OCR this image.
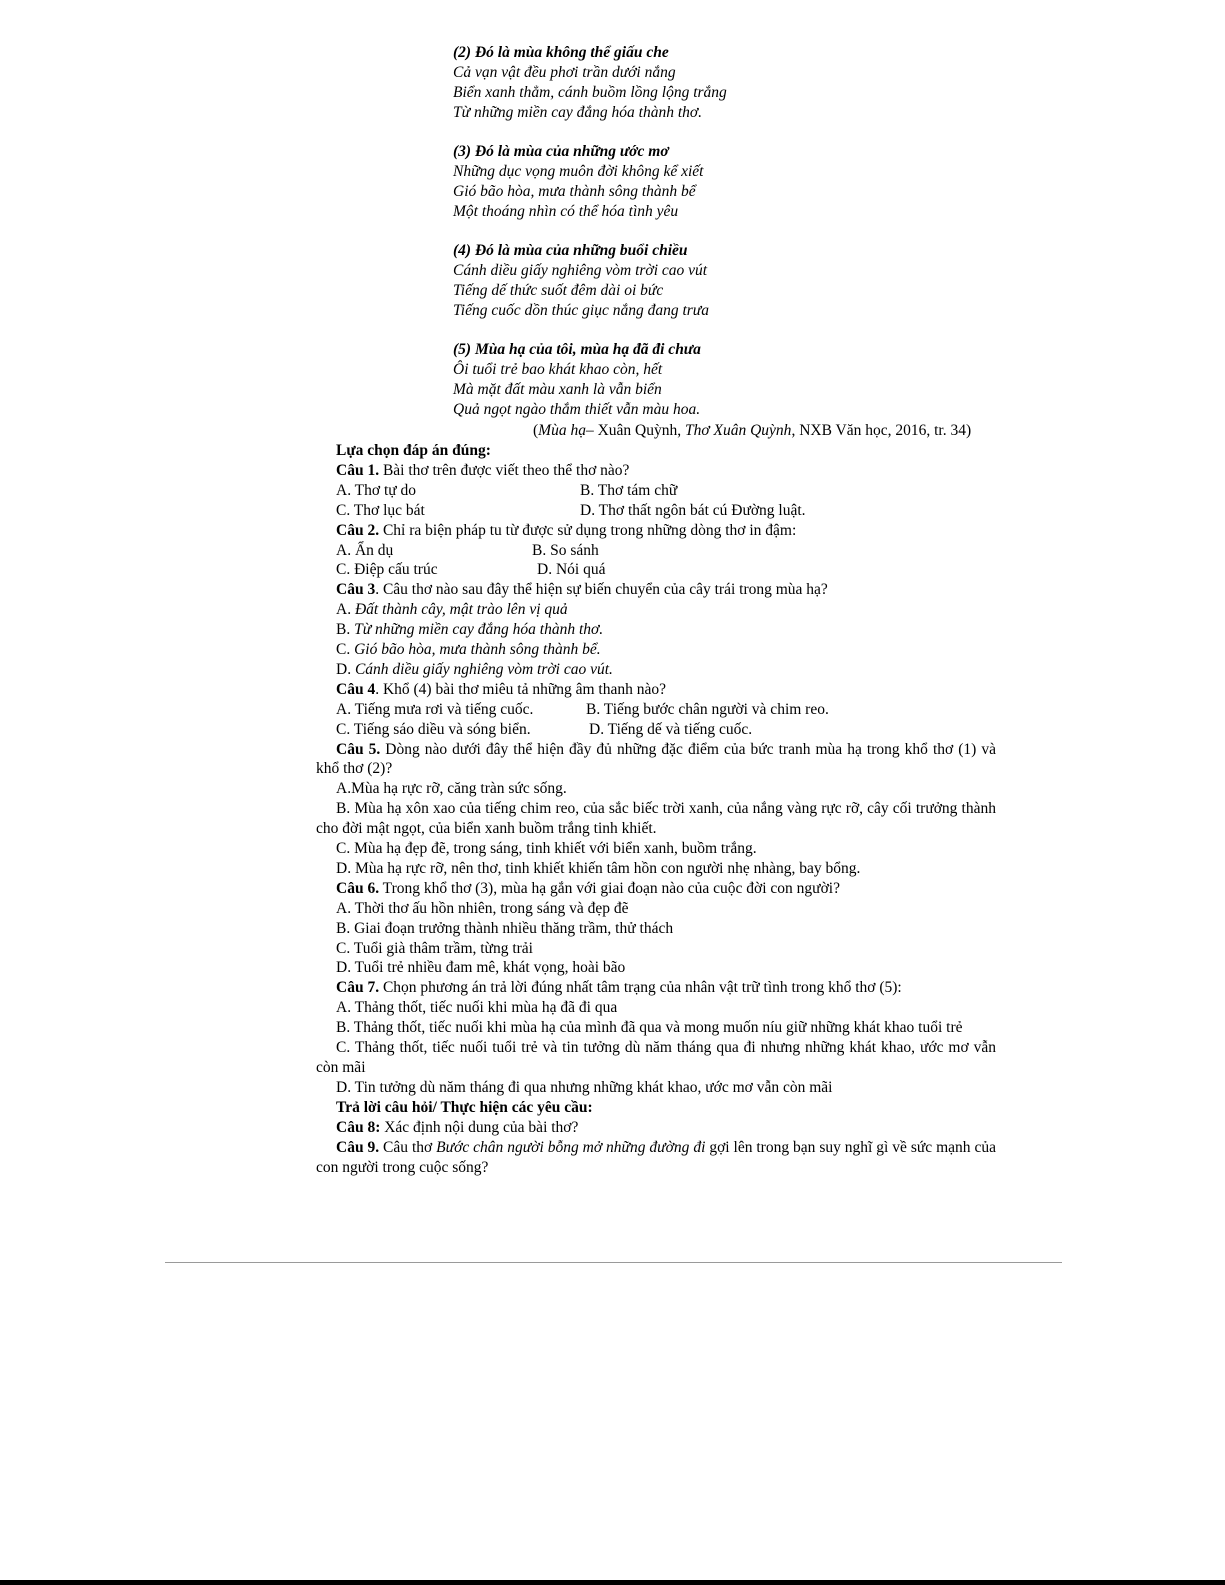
(2) Đó là mùa không thể giấu che
Cả vạn vật đều phơi trần dưới nắng
Biển xanh thẳm, cánh buồm lồng lộng trắng
Từ những miền cay đắng hóa thành thơ.
(3) Đó là mùa của những ước mơ
Những dục vọng muôn đời không kể xiết
Gió bão hòa, mưa thành sông thành bể
Một thoáng nhìn có thể hóa tình yêu
(4) Đó là mùa của những buổi chiều
Cánh diều giấy nghiêng vòm trời cao vút
Tiếng dế thức suốt đêm dài oi bức
Tiếng cuốc dồn thúc giục nắng đang trưa
(5) Mùa hạ của tôi, mùa hạ đã đi chưa
Ôi tuổi trẻ bao khát khao còn, hết
Mà mặt đất màu xanh là vẫn biển
Quả ngọt ngào thắm thiết vẫn màu hoa.
(Mùa hạ– Xuân Quỳnh, Thơ Xuân Quỳnh, NXB Văn học, 2016, tr. 34)
Lựa chọn đáp án đúng:
Câu 1. Bài thơ trên được viết theo thể thơ nào?
A. Thơ tự do	B. Thơ tám chữ
C. Thơ lục bát	D. Thơ thất ngôn bát cú Đường luật.
Câu 2. Chỉ ra biện pháp tu từ được sử dụng trong những dòng thơ in đậm:
A. Ẩn dụ	B. So sánh
C. Điệp cấu trúc	D. Nói quá
Câu 3. Câu thơ nào sau đây thể hiện sự biến chuyển của cây trái trong mùa hạ?
A. Đất thành cây, mật trào lên vị quả
B. Từ những miền cay đắng hóa thành thơ.
C. Gió bão hòa, mưa thành sông thành bể.
D. Cánh diều giấy nghiêng vòm trời cao vút.
Câu 4. Khổ (4) bài thơ miêu tả những âm thanh nào?
A. Tiếng mưa rơi và tiếng cuốc.	B. Tiếng bước chân người và chim reo.
C. Tiếng sáo diều và sóng biển.	D. Tiếng dế và tiếng cuốc.
Câu 5. Dòng nào dưới đây thể hiện đầy đủ những đặc điểm của bức tranh mùa hạ trong khổ thơ (1) và khổ thơ (2)?
A.Mùa hạ rực rỡ, căng tràn sức sống.
B. Mùa hạ xôn xao của tiếng chim reo, của sắc biếc trời xanh, của nắng vàng rực rỡ, cây cối trưởng thành cho đời mật ngọt, của biển xanh buồm trắng tinh khiết.
C. Mùa hạ đẹp đẽ, trong sáng, tinh khiết với biển xanh, buồm trắng.
D. Mùa hạ rực rỡ, nên thơ, tinh khiết khiến tâm hồn con người nhẹ nhàng, bay bổng.
Câu 6. Trong khổ thơ (3), mùa hạ gắn với giai đoạn nào của cuộc đời con người?
A. Thời thơ ấu hồn nhiên, trong sáng và đẹp đẽ
B. Giai đoạn trưởng thành nhiều thăng trầm, thử thách
C. Tuổi già thâm trầm, từng trải
D. Tuổi trẻ nhiều đam mê, khát vọng, hoài bão
Câu 7. Chọn phương án trả lời đúng nhất tâm trạng của nhân vật trữ tình trong khổ thơ (5):
A. Thảng thốt, tiếc nuối khi mùa hạ đã đi qua
B. Thảng thốt, tiếc nuối khi mùa hạ của mình đã qua và mong muốn níu giữ những khát khao tuổi trẻ
C. Thảng thốt, tiếc nuối tuổi trẻ và tin tưởng dù năm tháng qua đi nhưng những khát khao, ước mơ vẫn còn mãi
D. Tin tưởng dù năm tháng đi qua nhưng những khát khao, ước mơ vẫn còn mãi
Trả lời câu hỏi/ Thực hiện các yêu cầu:
Câu 8: Xác định nội dung của bài thơ?
Câu 9. Câu thơ Bước chân người bỗng mở những đường đi gợi lên trong bạn suy nghĩ gì về sức mạnh của con người trong cuộc sống?
